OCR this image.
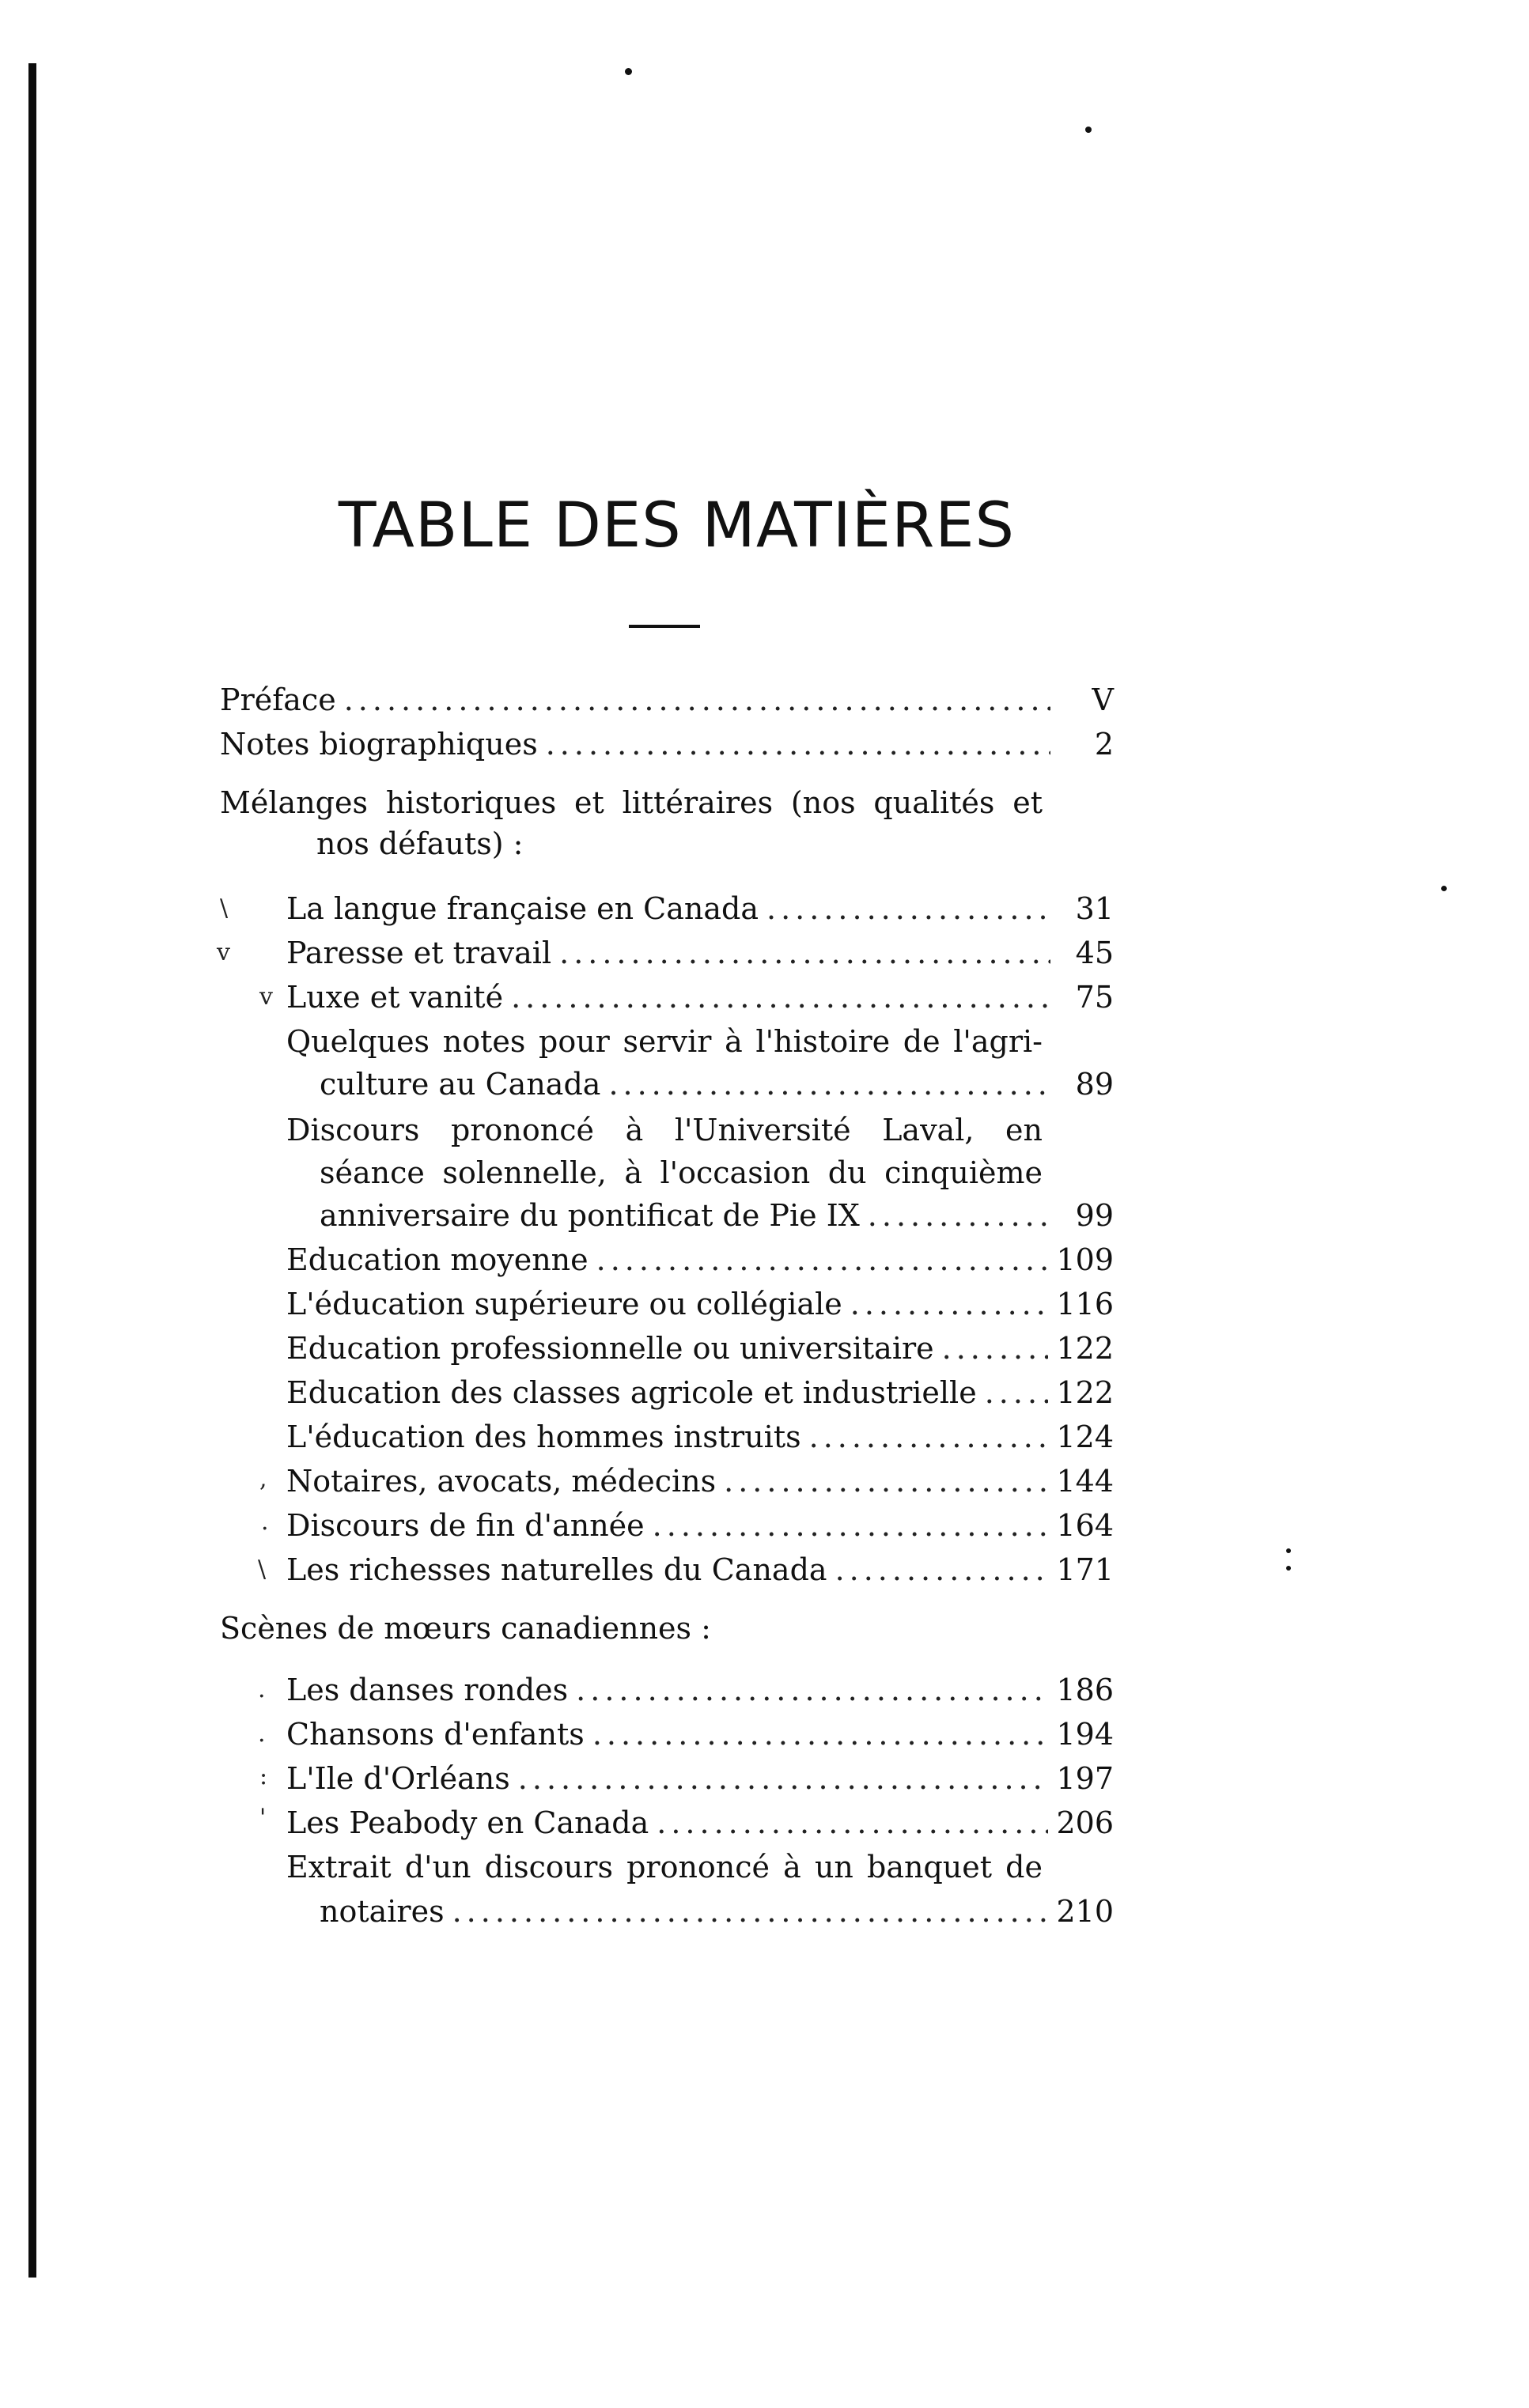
TABLE DES MATIÈRES
Préface .....	V
Notes biographiques .....	2
Mélanges historiques et littéraires (nos qualités et
nos défauts) :
\ La langue française en Canada .....	31
v Paresse et travail .....	45
v Luxe et vanité .....	75
Quelques notes pour servir à l'histoire de l'agri-
culture au Canada .....	89
Discours prononcé à l'Université Laval, en
séance solennelle, à l'occasion du cinquième
anniversaire du pontificat de Pie IX .....	99
Education moyenne .....	109
L'éducation supérieure ou collégiale .....	116
Education professionnelle ou universitaire .....	122
Education des classes agricole et industrielle .....	122
L'éducation des hommes instruits .....	124
, Notaires, avocats, médecins .....	144
. Discours de fin d'année .....	164
\ Les richesses naturelles du Canada .....	171
Scènes de mœurs canadiennes :
. Les danses rondes .....	186
. Chansons d'enfants .....	194
: L'Ile d'Orléans .....	197
' Les Peabody en Canada .....	206
Extrait d'un discours prononcé à un banquet de
notaires .....	210
